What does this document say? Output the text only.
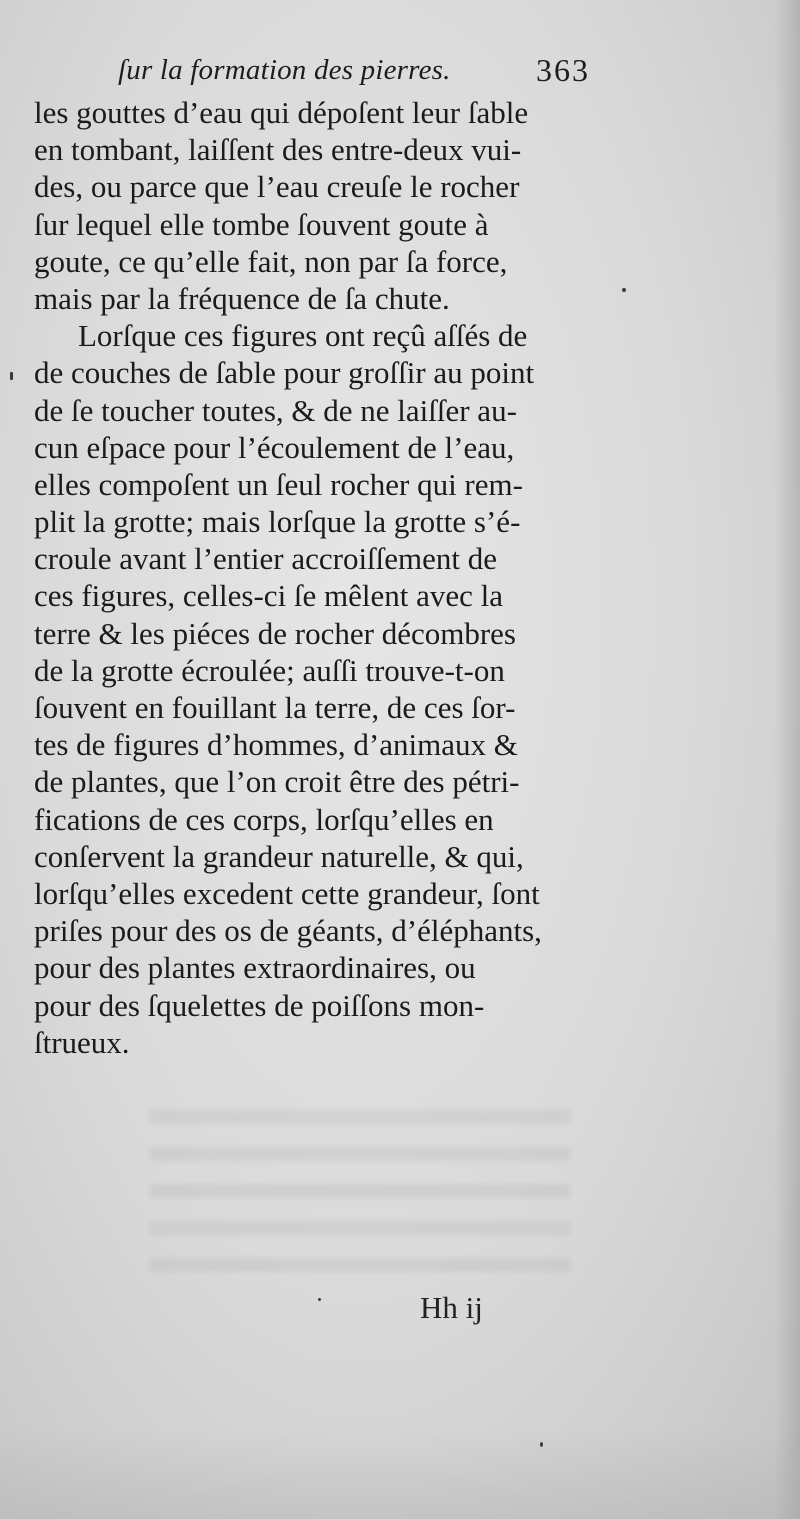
ſur la formation des pierres.	363
les gouttes d’eau qui dépoſent leur ſable
en tombant, laiſſent des entre-deux vui-
des, ou parce que l’eau creuſe le rocher
ſur lequel elle tombe ſouvent goute à
goute, ce qu’elle fait, non par ſa force,
mais par la fréquence de ſa chute.
Lorſque ces figures ont reçû aſſés de
de couches de ſable pour groſſir au point
de ſe toucher toutes, & de ne laiſſer au-
cun eſpace pour l’écoulement de l’eau,
elles compoſent un ſeul rocher qui rem-
plit la grotte; mais lorſque la grotte s’é-
croule avant l’entier accroiſſement de
ces figures, celles-ci ſe mêlent avec la
terre & les piéces de rocher décombres
de la grotte écroulée; auſſi trouve-t-on
ſouvent en fouillant la terre, de ces ſor-
tes de figures d’hommes, d’animaux &
de plantes, que l’on croit être des pétri-
fications de ces corps, lorſqu’elles en
conſervent la grandeur naturelle, & qui,
lorſqu’elles excedent cette grandeur, ſont
priſes pour des os de géants, d’éléphants,
pour des plantes extraordinaires, ou
pour des ſquelettes de poiſſons mon-
ſtrueux.
Hh ij
